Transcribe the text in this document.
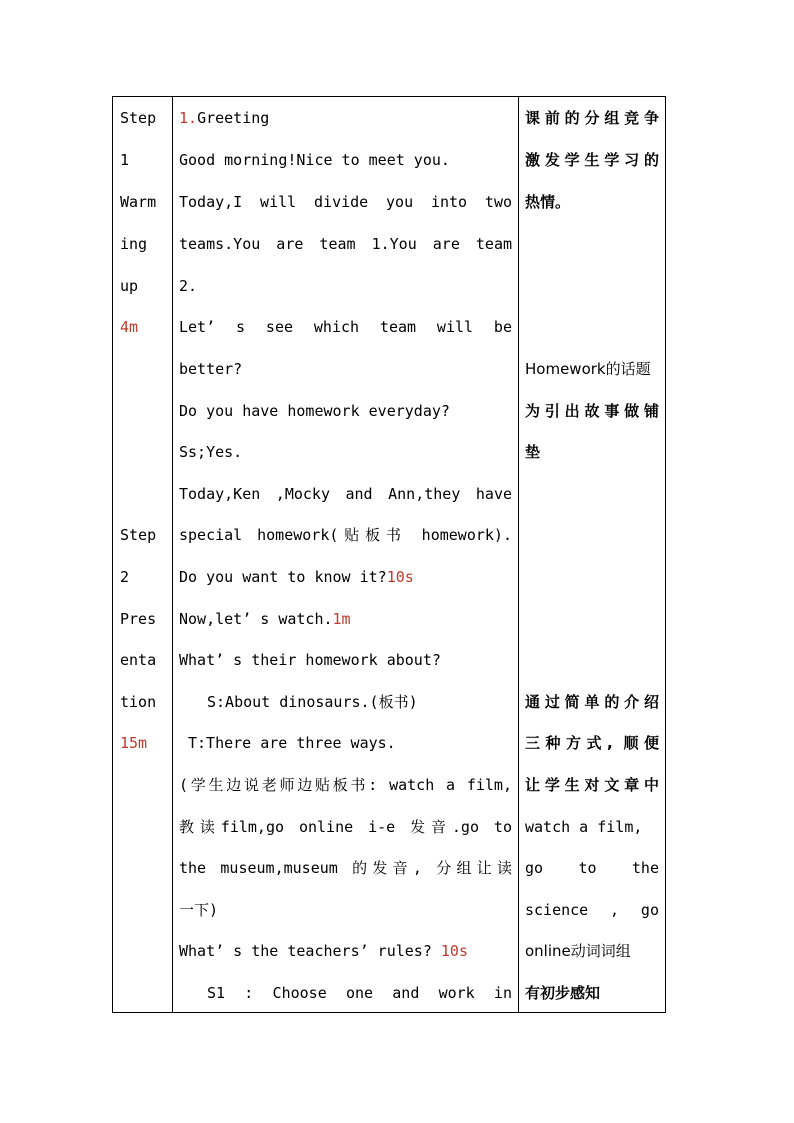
Step
1
Warm
ing
up
4m
Step
2
Pres
enta
tion
15m
1.Greeting
Good morning!Nice to meet you.
Today,I will divide you into two
teams.You are team 1.You are team
2.
Let’ s see which team will be
better?
Do you have homework everyday?
Ss;Yes.
Today,Ken ,Mocky and Ann,they have
special homework(贴板书 homework).
Do you want to know it?10s
Now,let’ s watch.1m
What’ s their homework about?
S:About dinosaurs.(板书)
T:There are three ways.
(学生边说老师边贴板书: watch a film,
教读film,go online i-e 发音.go to
the museum,museum 的发音, 分组让读
一下)
What’ s the teachers’ rules? 10s
S1 : Choose one and work in
课前的分组竞争
激发学生学习的
热情。
Homework的话题
为引出故事做铺
垫
通过简单的介绍
三种方式, 顺便
让学生对文章中
watch a film,
go to the
science , go
online动词词组
有初步感知
